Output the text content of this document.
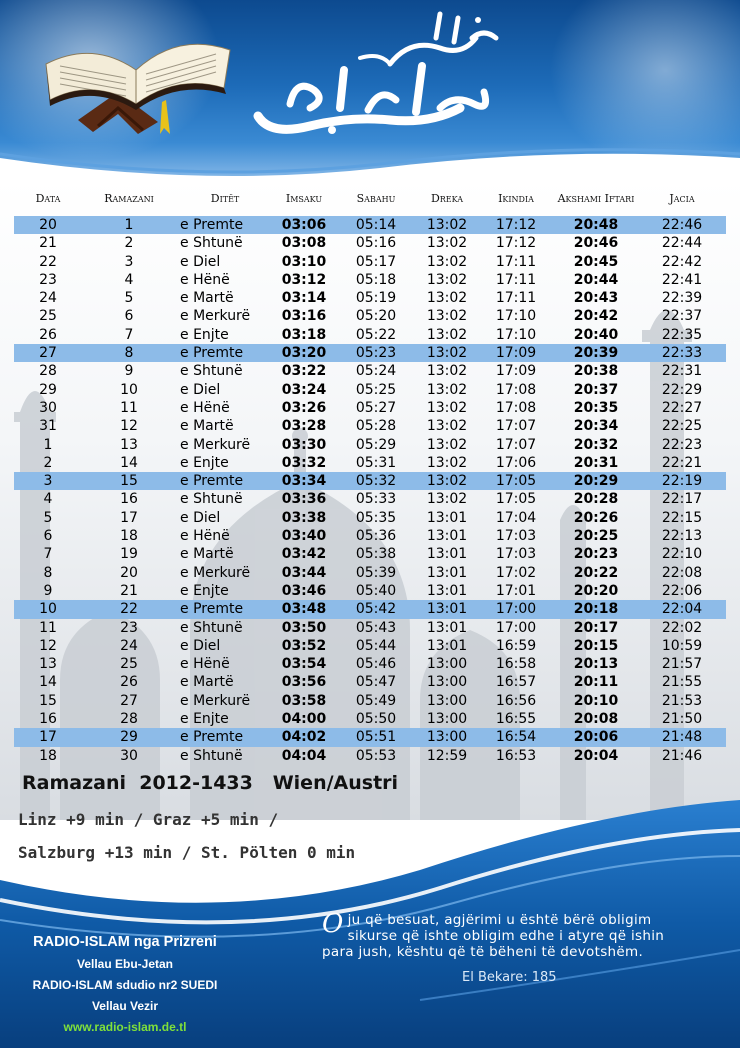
Data	Ramazani	Ditët	Imsaku	Sabahu	Dreka	Ikindia	Akshami Iftari	Jacia
20	1	e Premte	03:06	05:14	13:02	17:12	20:48	22:46
21	2	e Shtunë	03:08	05:16	13:02	17:12	20:46	22:44
22	3	e Diel	03:10	05:17	13:02	17:11	20:45	22:42
23	4	e Hënë	03:12	05:18	13:02	17:11	20:44	22:41
24	5	e Martë	03:14	05:19	13:02	17:11	20:43	22:39
25	6	e Merkurë	03:16	05:20	13:02	17:10	20:42	22:37
26	7	e Enjte	03:18	05:22	13:02	17:10	20:40	22:35
27	8	e Premte	03:20	05:23	13:02	17:09	20:39	22:33
28	9	e Shtunë	03:22	05:24	13:02	17:09	20:38	22:31
29	10	e Diel	03:24	05:25	13:02	17:08	20:37	22:29
30	11	e Hënë	03:26	05:27	13:02	17:08	20:35	22:27
31	12	e Martë	03:28	05:28	13:02	17:07	20:34	22:25
1	13	e Merkurë	03:30	05:29	13:02	17:07	20:32	22:23
2	14	e Enjte	03:32	05:31	13:02	17:06	20:31	22:21
3	15	e Premte	03:34	05:32	13:02	17:05	20:29	22:19
4	16	e Shtunë	03:36	05:33	13:02	17:05	20:28	22:17
5	17	e Diel	03:38	05:35	13:01	17:04	20:26	22:15
6	18	e Hënë	03:40	05:36	13:01	17:03	20:25	22:13
7	19	e Martë	03:42	05:38	13:01	17:03	20:23	22:10
8	20	e Merkurë	03:44	05:39	13:01	17:02	20:22	22:08
9	21	e Enjte	03:46	05:40	13:01	17:01	20:20	22:06
10	22	e Premte	03:48	05:42	13:01	17:00	20:18	22:04
11	23	e Shtunë	03:50	05:43	13:01	17:00	20:17	22:02
12	24	e Diel	03:52	05:44	13:01	16:59	20:15	10:59
13	25	e Hënë	03:54	05:46	13:00	16:58	20:13	21:57
14	26	e Martë	03:56	05:47	13:00	16:57	20:11	21:55
15	27	e Merkurë	03:58	05:49	13:00	16:56	20:10	21:53
16	28	e Enjte	04:00	05:50	13:00	16:55	20:08	21:50
17	29	e Premte	04:02	05:51	13:00	16:54	20:06	21:48
18	30	e Shtunë	04:04	05:53	12:59	16:53	20:04	21:46
Ramazani  2012-1433   Wien/Austri
Linz +9 min / Graz +5 min /
Salzburg +13 min / St. Pölten 0 min
RADIO-ISLAM nga Prizreni
Vellau Ebu-Jetan
RADIO-ISLAM sdudio nr2 SUEDI
Vellau Vezir
www.radio-islam.de.tl
Oju që besuat, agjërimi u është bërë obligim sikurse që ishte obligim edhe i atyre që ishin para jush, kështu që të bëheni të devotshëm.
El Bekare: 185
